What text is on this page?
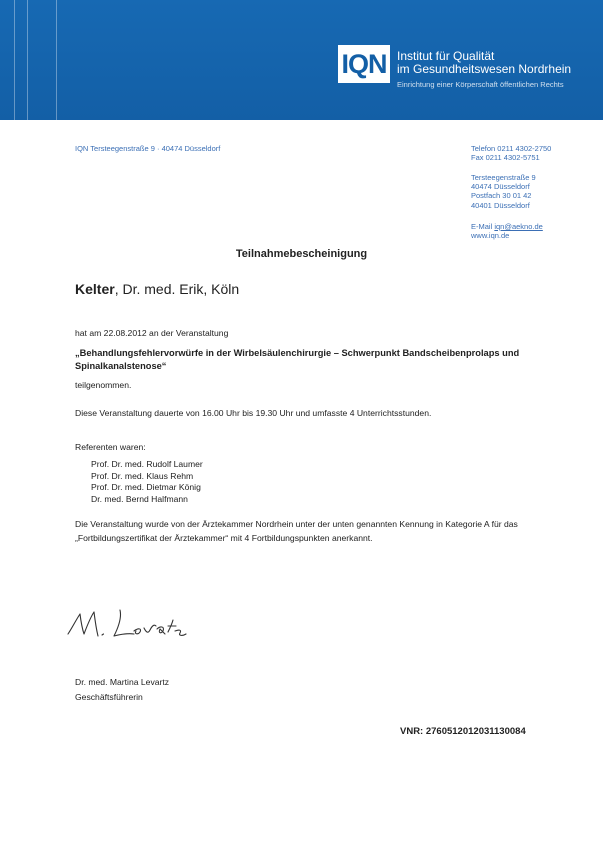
IQN Institut für Qualität
im Gesundheitswesen Nordrhein
Einrichtung einer Körperschaft öffentlichen Rechts
IQN Tersteegenstraße 9 · 40474 Düsseldorf	Telefon 0211 4302-2750
Fax 0211 4302-5751
Tersteegenstraße 9
40474 Düsseldorf
Postfach 30 01 42
40401 Düsseldorf
E-Mail iqn@aekno.de
www.iqn.de
Teilnahmebescheinigung
Kelter, Dr. med. Erik, Köln
hat am 22.08.2012 an der Veranstaltung
„Behandlungsfehlervorwürfe in der Wirbelsäulenchirurgie – Schwerpunkt Bandscheibenprolaps und Spinalkanalstenose“
teilgenommen.
Diese Veranstaltung dauerte von 16.00 Uhr bis 19.30 Uhr und umfasste 4 Unterrichtsstunden.
Referenten waren:
Prof. Dr. med. Rudolf Laumer
Prof. Dr. med. Klaus Rehm
Prof. Dr. med. Dietmar König
Dr. med. Bernd Halfmann
Die Veranstaltung wurde von der Ärztekammer Nordrhein unter der unten genannten Kennung in Kategorie A für das „Fortbildungszertifikat der Ärztekammer“ mit 4 Fortbildungspunkten anerkannt.
Dr. med. Martina Levartz
Geschäftsführerin
VNR: 2760512012031130084
